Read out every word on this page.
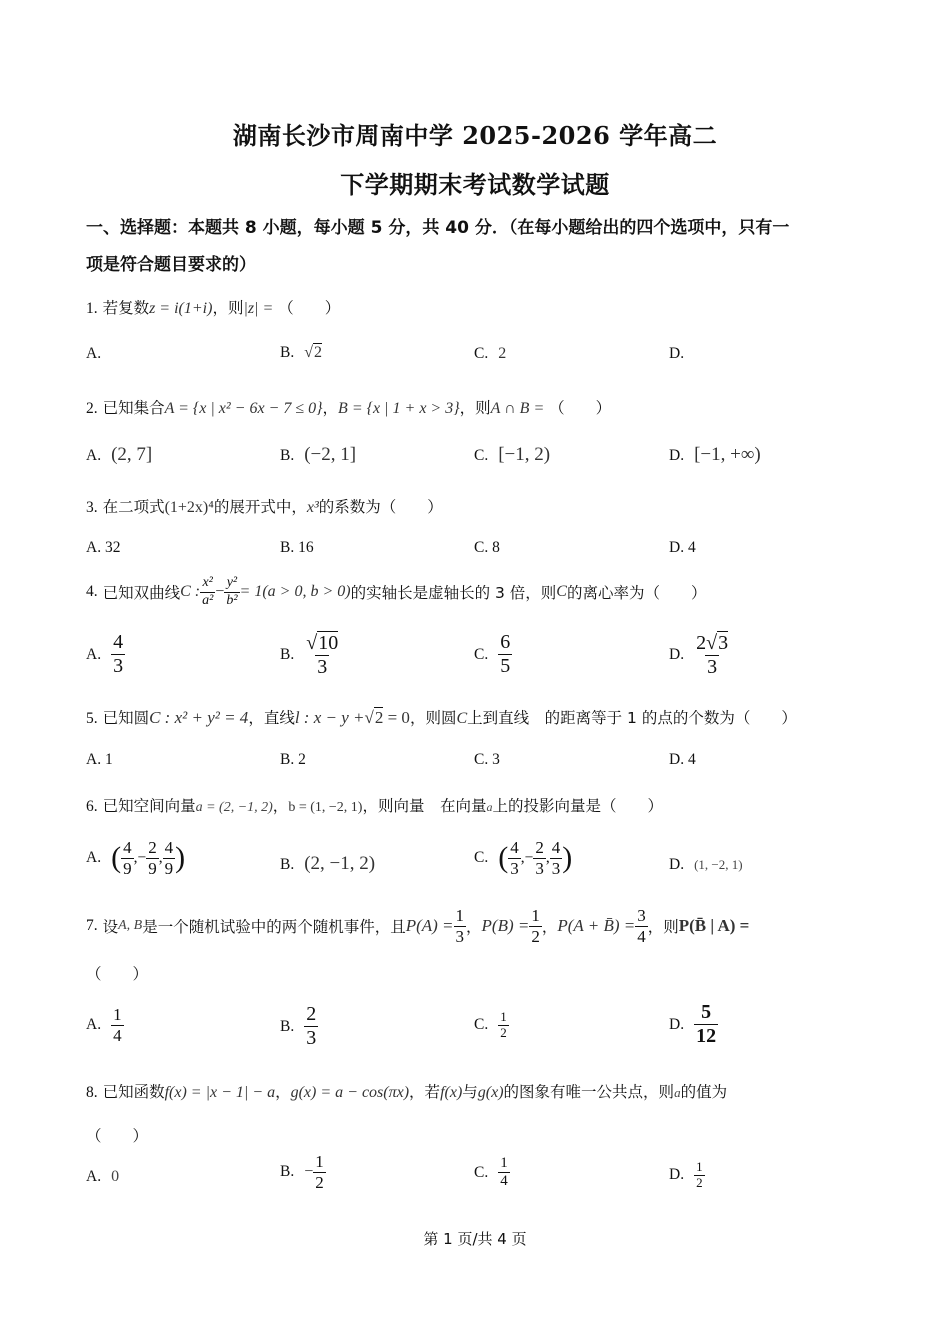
湖南长沙市周南中学 2025-2026 学年高二
下学期期末考试数学试题
一、选择题：本题共 8 小题，每小题 5 分，共 40 分．（在每小题给出的四个选项中，只有一
项是符合题目要求的）
1. 若复数z = i(1+i)，则|z| = （　　）
A.	B. √2	C. 2	D.
2. 已知集合A = {x | x² − 6x − 7 ≤ 0}，B = {x | 1 + x > 3}，则A ∩ B = （　　）
A. (2, 7]	B. (−2, 1]	C. [−1, 2)	D. [−1, +∞)
3. 在二项式(1+2x)⁴的展开式中，x³的系数为（　　）
A. 32	B. 16	C. 8	D. 4
4.
已知双曲线 C : $\frac{\text{x²}}{\text{a²}} - \frac{\text{y²}}{\text{b²}} = 1(a > 0$, b > 0) 的实轴长是虚轴长的 3 倍，则 C 的离心率为（　　）
A. $\frac{4}{3}$	B. $\frac{√10}{3}$	C. $\frac{6}{5}$	D. $\frac{2√3}{3}$
5. 已知圆C : x² + y² = 4，直线l : x − y +√2 = 0，则圆C上到直线　的距离等于 1 的点的个数为（　　）
A. 1	B. 2	C. 3	D. 4
6. 已知空间向量a = (2, −1, 2)，b = (1, −2, 1)，则向量　在向量a上的投影向量是（　　）
A. ( $\frac{4}{9}$ ,− $\frac{2}{9}$ , $\frac{4}{9}$ )	B. (2, −1, 2)	C. ( $\frac{4}{3}$ ,− $\frac{2}{3}$ , $\frac{4}{3}$ )	D. (1, −2, 1)
7.
设 A, B 是一个随机试验中的两个随机事件，且 $P(A) = \frac{1}{3}$ ， $P(B) = \frac{1}{2}$ ， P(A + B̄) = $\frac{3}{4}$ ，则 P(B̄ | A) =
（　　）
A. $\frac{1}{4}$	B. $\frac{2}{3}$	C. $\frac{1}{2}$	D. $\frac{5}{12}$
8. 已知函数f(x) = |x − 1| − a，g(x) = a − cos(πx)，若f(x)与g(x)的图象有唯一公共点，则a的值为
（　　）
A. 0	B. − $\frac{1}{2}$	C. $\frac{1}{4}$	D. $\frac{1}{2}$
第 1 页/共 4 页
